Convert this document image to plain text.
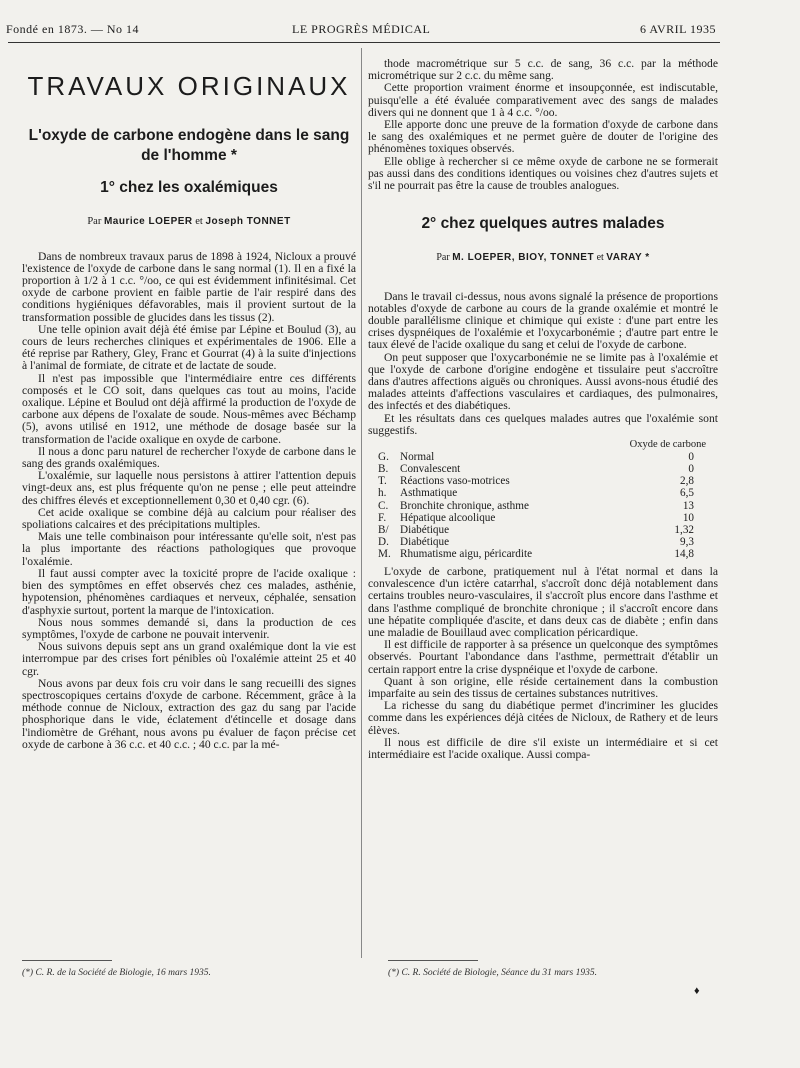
Fondé en 1873. — No 14	LE PROGRÈS MÉDICAL	6 AVRIL 1935
TRAVAUX ORIGINAUX
L'oxyde de carbone endogène dans le sang de l'homme *
1° chez les oxalémiques
Par Maurice LOEPER et Joseph TONNET

Dans de nombreux travaux parus de 1898 à 1924, Nicloux a prouvé l'existence de l'oxyde de carbone dans le sang normal (1). Il en a fixé la proportion à 1/2 à 1 c.c. °/oo, ce qui est évidemment infinitésimal. Cet oxyde de carbone provient en faible partie de l'air respiré dans des conditions hygiéniques défavorables, mais il provient surtout de la transformation possible de glucides dans les tissus (2).

Une telle opinion avait déjà été émise par Lépine et Boulud (3), au cours de leurs recherches cliniques et expérimentales de 1906. Elle a été reprise par Rathery, Gley, Franc et Gourrat (4) à la suite d'injections à l'animal de formiate, de citrate et de lactate de soude.

Il n'est pas impossible que l'intermédiaire entre ces différents composés et le CO soit, dans quelques cas tout au moins, l'acide oxalique. Lépine et Boulud ont déjà affirmé la production de l'oxyde de carbone aux dépens de l'oxalate de soude. Nous-mêmes avec Béchamp (5), avons utilisé en 1912, une méthode de dosage basée sur la transformation de l'acide oxalique en oxyde de carbone.

Il nous a donc paru naturel de rechercher l'oxyde de carbone dans le sang des grands oxalémiques.

L'oxalémie, sur laquelle nous persistons à attirer l'attention depuis vingt-deux ans, est plus fréquente qu'on ne pense ; elle peut atteindre des chiffres élevés et exceptionnellement 0,30 et 0,40 cgr. (6).

Cet acide oxalique se combine déjà au calcium pour réaliser des spoliations calcaires et des précipitations multiples.

Mais une telle combinaison pour intéressante qu'elle soit, n'est pas la plus importante des réactions pathologiques que provoque l'oxalémie.

Il faut aussi compter avec la toxicité propre de l'acide oxalique : bien des symptômes en effet observés chez ces malades, asthénie, hypotension, phénomènes cardiaques et nerveux, céphalée, sensation d'asphyxie surtout, portent la marque de l'intoxication.

Nous nous sommes demandé si, dans la production de ces symptômes, l'oxyde de carbone ne pouvait intervenir.

Nous suivons depuis sept ans un grand oxalémique dont la vie est interrompue par des crises fort pénibles où l'oxalémie atteint 25 et 40 cgr.

Nous avons par deux fois cru voir dans le sang recueilli des signes spectroscopiques certains d'oxyde de carbone. Récemment, grâce à la méthode connue de Nicloux, extraction des gaz du sang par l'acide phosphorique dans le vide, éclatement d'étincelle et dosage dans l'indiomètre de Gréhant, nous avons pu évaluer de façon précise cet oxyde de carbone à 36 c.c. et 40 c.c. ; 40 c.c. par la mé-

thode macrométrique sur 5 c.c. de sang, 36 c.c. par la méthode micrométrique sur 2 c.c. du même sang.

Cette proportion vraiment énorme et insoupçonnée, est indiscutable, puisqu'elle a été évaluée comparativement avec des sangs de malades divers qui ne donnent que 1 à 4 c.c. °/oo.

Elle apporte donc une preuve de la formation d'oxyde de carbone dans le sang des oxalémiques et ne permet guère de douter de l'origine des phénomènes toxiques observés.

Elle oblige à rechercher si ce même oxyde de carbone ne se formerait pas aussi dans des conditions identiques ou voisines chez d'autres sujets et s'il ne pourrait pas être la cause de troubles analogues.

2° chez quelques autres malades
Par M. LOEPER, BIOY, TONNET et VARAY *

Dans le travail ci-dessus, nous avons signalé la présence de proportions notables d'oxyde de carbone au cours de la grande oxalémie et montré le double parallélisme clinique et chimique qui existe : d'une part entre les crises dyspnéiques de l'oxalémie et l'oxycarbonémie ; d'autre part entre le taux élevé de l'acide oxalique du sang et celui de l'oxyde de carbone.

On peut supposer que l'oxycarbonémie ne se limite pas à l'oxalémie et que l'oxyde de carbone d'origine endogène et tissulaire peut s'accroître dans d'autres affections aiguës ou chroniques. Aussi avons-nous étudié des malades atteints d'affections vasculaires et cardiaques, des pulmonaires, des infectés et des diabétiques.

Et les résultats dans ces quelques malades autres que l'oxalémie sont suggestifs.

Oxyde de carbone		
G.	Normal	0
B.	Convalescent	0
T.	Réactions vaso-motrices	2,8
h.	Asthmatique	6,5
C.	Bronchite chronique, asthme	13
F.	Hépatique alcoolique	10
B/	Diabétique	1,32
D.	Diabétique	9,3
M.	Rhumatisme aigu, péricardite	14,8

L'oxyde de carbone, pratiquement nul à l'état normal et dans la convalescence d'un ictère catarrhal, s'accroît donc déjà notablement dans certains troubles neuro-vasculaires, il s'accroît plus encore dans l'asthme et dans l'asthme compliqué de bronchite chronique ; il s'accroît encore dans une hépatite compliquée d'ascite, et dans deux cas de diabète ; enfin dans une maladie de Bouillaud avec complication péricardique.

Il est difficile de rapporter à sa présence un quelconque des symptômes observés. Pourtant l'abondance dans l'asthme, permettrait d'établir un certain rapport entre la crise dyspnéique et l'oxyde de carbone.

Quant à son origine, elle réside certainement dans la combustion imparfaite au sein des tissus de certaines substances nutritives.

La richesse du sang du diabétique permet d'incriminer les glucides comme dans les expériences déjà citées de Nicloux, de Rathery et de leurs élèves.

Il nous est difficile de dire s'il existe un intermédiaire et si cet intermédiaire est l'acide oxalique. Aussi compa-

(*) C. R. de la Société de Biologie, 16 mars 1935.	(*) C. R. Société de Biologie, Séance du 31 mars 1935.
♦
